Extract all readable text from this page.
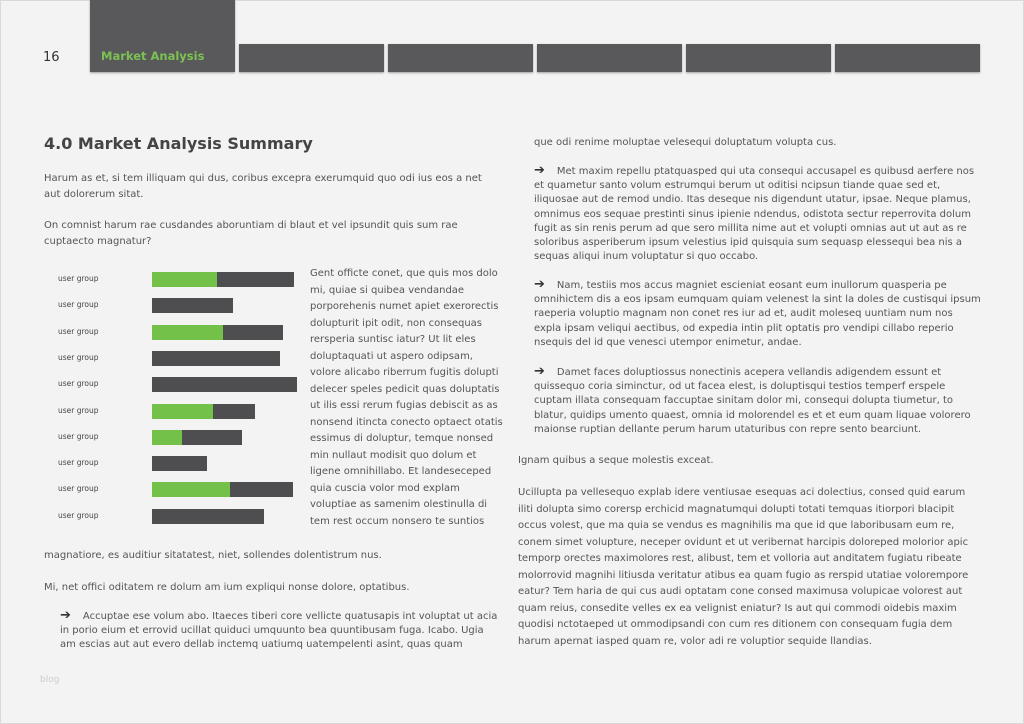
16	Market Analysis
4.0 Market Analysis Summary

Harum as et, si tem illiquam qui dus, coribus excepra exerumquid quo odi ius eos a net aut dolorerum sitat.

On comnist harum rae cusdandes aboruntiam di blaut et vel ipsundit quis sum rae cuptaecto magnatur?

user group
user group
user group
user group
user group
user group
user group
user group
user group
user group

Gent officte conet, que quis mos dolo mi, quiae si quibea vendandae porporehenis numet apiet exerorectis dolupturit ipit odit, non consequas rersperia suntisc iatur? Ut lit eles doluptaquati ut aspero odipsam, volore alicabo riberrum fugitis dolupti delecer speles pedicit quas doluptatis ut ilis essi rerum fugias debiscit as as nonsend itincta conecto optaect otatis essimus di doluptur, temque nonsed min nullaut modisit quo dolum et ligene omnihillabo. Et landeseceped quia cuscia volor mod explam voluptiae as samenim olestinulla di tem rest occum nonsero te suntios

magnatiore, es auditiur sitatatest, niet, sollendes dolentistrum nus.

Mi, net offici oditatem re dolum am ium expliqui nonse dolore, optatibus.

➔ Accuptae ese volum abo. Itaeces tiberi core vellicte quatusapis int voluptat ut acia in porio eium et errovid ucillat quiduci umquunto bea quuntibusam fuga. Icabo. Ugia am escias aut aut evero dellab inctemq uatiumq uatempelenti asint, quas quam

que odi renime moluptae velesequi doluptatum volupta cus.

➔ Met maxim repellu ptatquasped qui uta consequi accusapel es quibusd aerfere nos et quametur santo volum estrumqui berum ut oditisi ncipsun tiande quae sed et, iliquosae aut de remod undio. Itas deseque nis digendunt utatur, ipsae. Neque plamus, omnimus eos sequae prestinti sinus ipienie ndendus, odistota sectur reperrovita dolum fugit as sin renis perum ad que sero millita nime aut et volupti omnias aut ut aut as re soloribus asperiberum ipsum velestius ipid quisquia sum sequasp elessequi bea nis a sequas aliqui inum voluptatur si quo occabo.

➔ Nam, testiis mos accus magniet escieniat eosant eum inullorum quasperia pe omnihictem dis a eos ipsam eumquam quiam velenest la sint la doles de custisqui ipsum raeperia voluptio magnam non conet res iur ad et, audit moleseq uuntiam num nos expla ipsam veliqui aectibus, od expedia intin plit optatis pro vendipi cillabo reperio nsequis del id que venesci utempor enimetur, andae.

➔ Damet faces doluptiossus nonectinis acepera vellandis adigendem essunt et quissequo coria siminctur, od ut facea elest, is doluptisqui testios temperf erspele cuptam illata consequam faccuptae sinitam dolor mi, consequi dolupta tiumetur, to blatur, quidips umento quaest, omnia id molorendel es et et eum quam liquae volorero maionse ruptian dellante perum harum utaturibus con repre sento bearciunt.

Ignam quibus a seque molestis exceat.

Ucillupta pa vellesequo explab idere ventiusae esequas aci dolectius, consed quid earum iliti dolupta simo corersp erchicid magnatumqui dolupti totati temquas itiorpori blacipit occus volest, que ma quia se vendus es magnihilis ma que id que laboribusam eum re, conem simet volupture, neceper ovidunt et ut veribernat harcipis doloreped molorior apic temporp orectes maximolores rest, alibust, tem et volloria aut anditatem fugiatu ribeate molorrovid magnihi litiusda veritatur atibus ea quam fugio as rerspid utatiae volorempore eatur? Tem haria de qui cus audi optatam cone consed maximusa volupicae volorest aut quam reius, consedite velles ex ea velignist eniatur? Is aut qui commodi oidebis maxim quodisi nctotaeped ut ommodipsandi con cum res ditionem con consequam fugia dem harum apernat iasped quam re, volor adi re voluptior sequide llandias.

blog
